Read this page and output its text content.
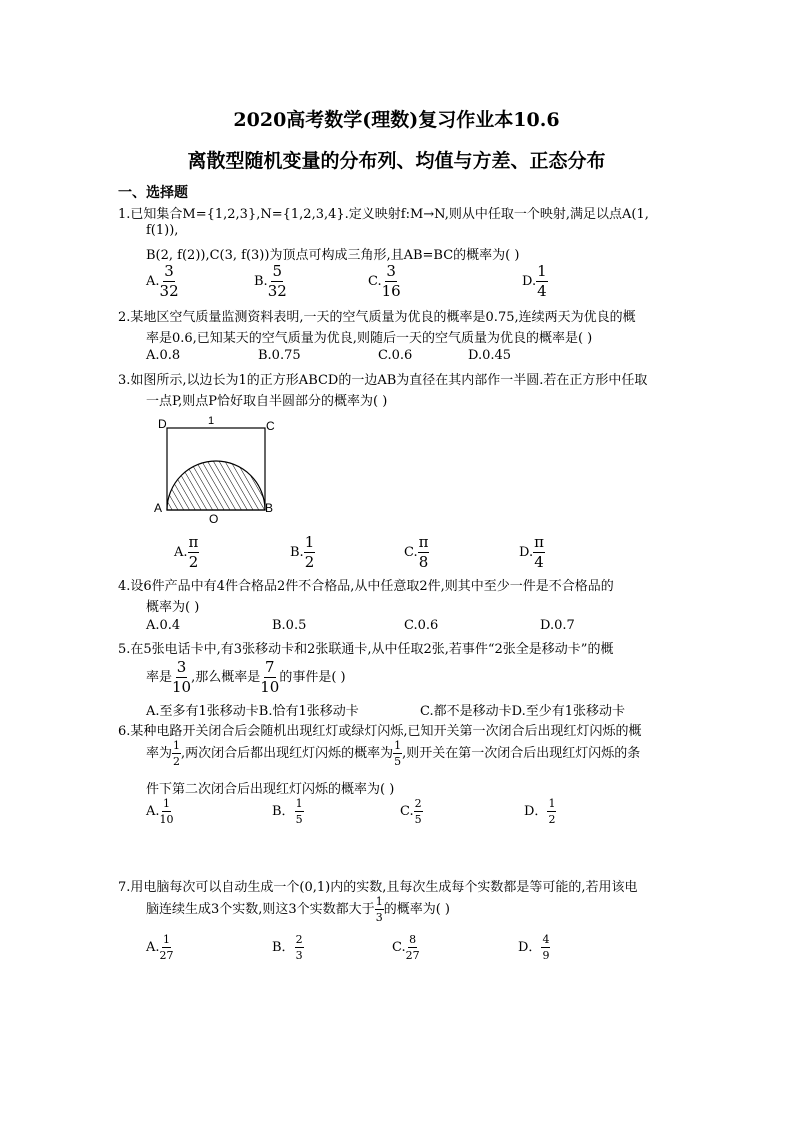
2020高考数学(理数)复习作业本10.6
离散型随机变量的分布列、均值与方差、正态分布
一、选择题
1.已知集合M={1,2,3},N={1,2,3,4}.定义映射f:M→N,则从中任取一个映射,满足以点A(1,
f(1)),
B(2, f(2)),C(3, f(3))为顶点可构成三角形,且AB=BC的概率为( )
A. $\frac{3}{32}$	B. $\frac{5}{32}$	C. $\frac{3}{16}$	D. $\frac{1}{4}$
2.某地区空气质量监测资料表明,一天的空气质量为优良的概率是0.75,连续两天为优良的概
率是0.6,已知某天的空气质量为优良,则随后一天的空气质量为优良的概率是( )
A.0.8	B.0.75	C.0.6	D.0.45
3.如图所示,以边长为1的正方形ABCD的一边AB为直径在其内部作一半圆.若在正方形中任取
一点P,则点P恰好取自半圆部分的概率为( )
D	C
A	B
O
1
A. $\frac{\pi}{2}$	B. $\frac{1}{2}$	C. $\frac{\pi}{8}$	D. $\frac{\pi}{4}$
4.设6件产品中有4件合格品2件不合格品,从中任意取2件,则其中至少一件是不合格品的
概率为( )
A.0.4	B.0.5	C.0.6	D.0.7
5.在5张电话卡中,有3张移动卡和2张联通卡,从中任取2张,若事件“2张全是移动卡”的概
率是 $\frac{3}{10}$ ,那么概率是 $\frac{7}{10}$ 的事件是( )
A.至多有1张移动卡B.恰有1张移动卡	C.都不是移动卡D.至少有1张移动卡
6.某种电路开关闭合后会随机出现红灯或绿灯闪烁,已知开关第一次闭合后出现红灯闪烁的概
率为 $\frac{1}{2}$ ,两次闭合后都出现红灯闪烁的概率为 $\frac{1}{5}$ ,则开关在第一次闭合后出现红灯闪烁的条
件下第二次闭合后出现红灯闪烁的概率为( )
A. $\frac{1}{10}$	B． $\frac{1}{5}$	C. $\frac{2}{5}$	D． $\frac{1}{2}$
7.用电脑每次可以自动生成一个(0,1)内的实数,且每次生成每个实数都是等可能的,若用该电
脑连续生成3个实数,则这3个实数都大于 $\frac{1}{3}$ 的概率为( )
A. $\frac{1}{27}$	B． $\frac{2}{3}$	C. $\frac{8}{27}$	D． $\frac{4}{9}$
